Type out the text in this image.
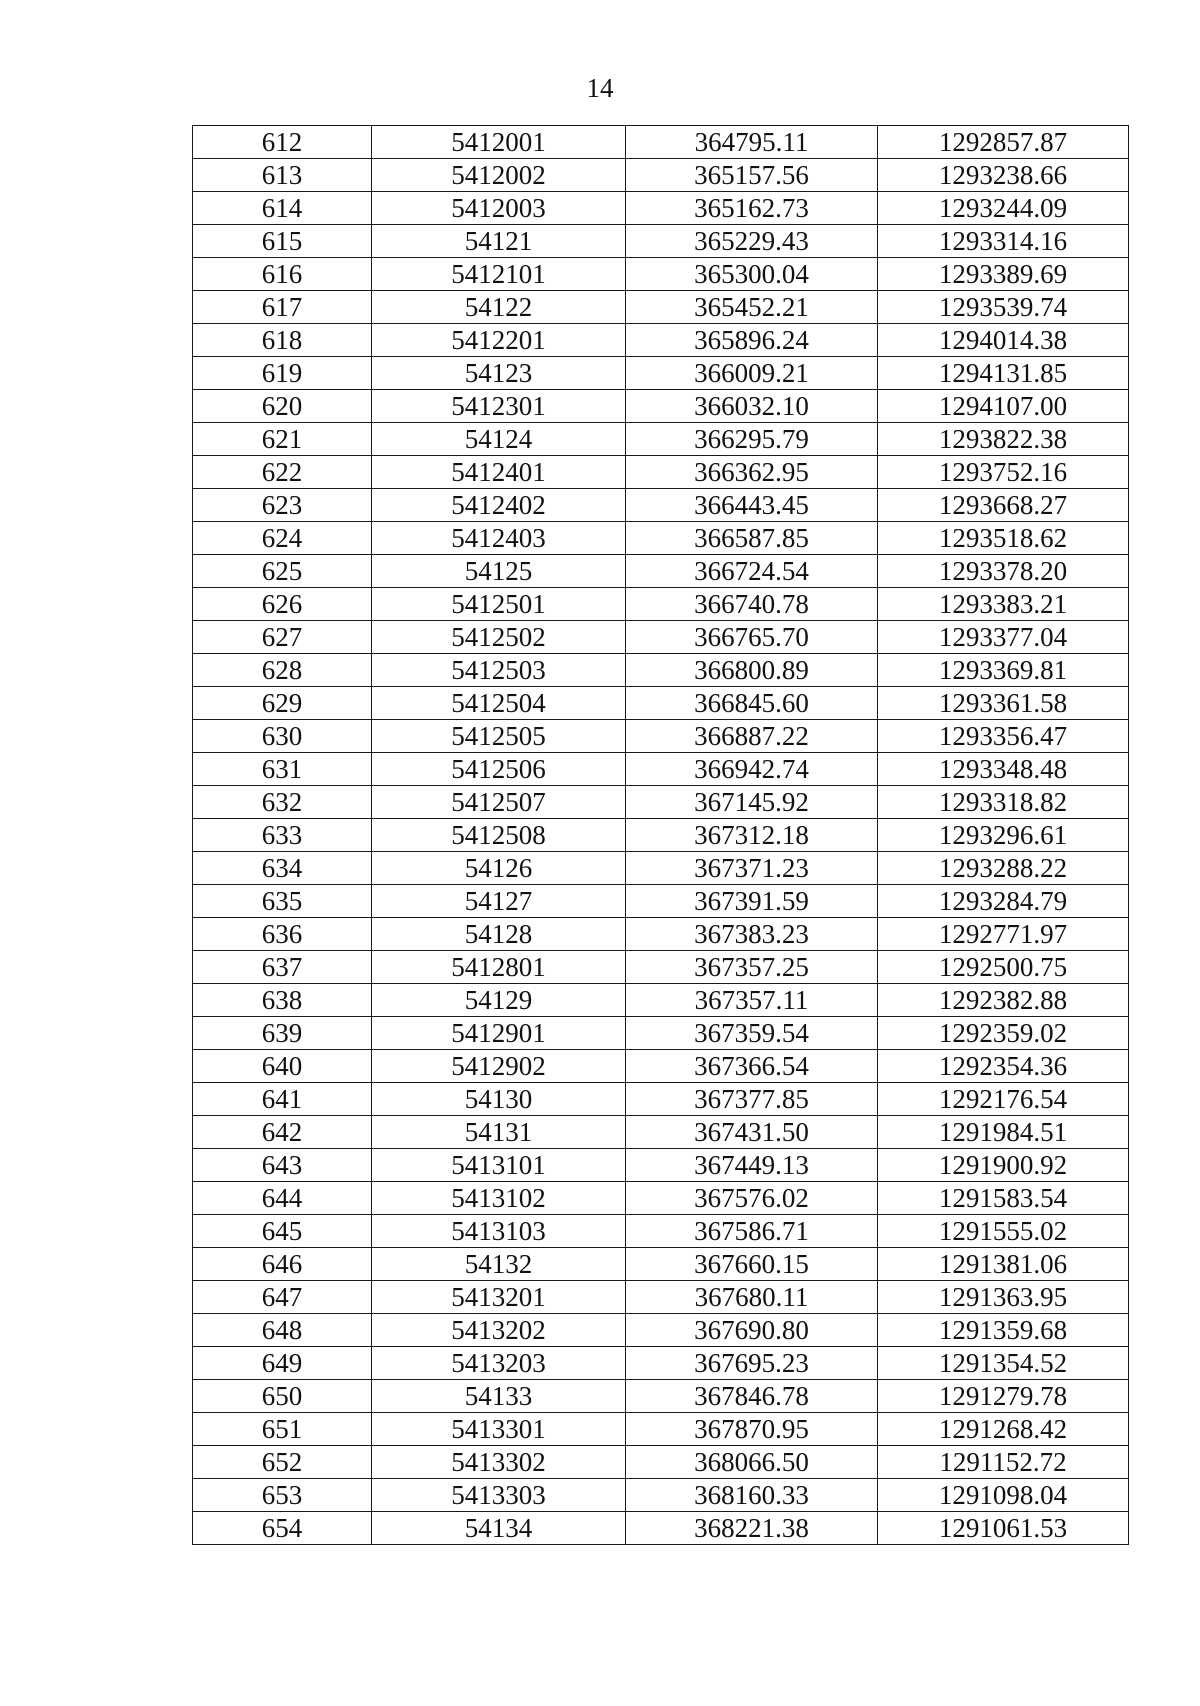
14
612	5412001	364795.11	1292857.87
613	5412002	365157.56	1293238.66
614	5412003	365162.73	1293244.09
615	54121	365229.43	1293314.16
616	5412101	365300.04	1293389.69
617	54122	365452.21	1293539.74
618	5412201	365896.24	1294014.38
619	54123	366009.21	1294131.85
620	5412301	366032.10	1294107.00
621	54124	366295.79	1293822.38
622	5412401	366362.95	1293752.16
623	5412402	366443.45	1293668.27
624	5412403	366587.85	1293518.62
625	54125	366724.54	1293378.20
626	5412501	366740.78	1293383.21
627	5412502	366765.70	1293377.04
628	5412503	366800.89	1293369.81
629	5412504	366845.60	1293361.58
630	5412505	366887.22	1293356.47
631	5412506	366942.74	1293348.48
632	5412507	367145.92	1293318.82
633	5412508	367312.18	1293296.61
634	54126	367371.23	1293288.22
635	54127	367391.59	1293284.79
636	54128	367383.23	1292771.97
637	5412801	367357.25	1292500.75
638	54129	367357.11	1292382.88
639	5412901	367359.54	1292359.02
640	5412902	367366.54	1292354.36
641	54130	367377.85	1292176.54
642	54131	367431.50	1291984.51
643	5413101	367449.13	1291900.92
644	5413102	367576.02	1291583.54
645	5413103	367586.71	1291555.02
646	54132	367660.15	1291381.06
647	5413201	367680.11	1291363.95
648	5413202	367690.80	1291359.68
649	5413203	367695.23	1291354.52
650	54133	367846.78	1291279.78
651	5413301	367870.95	1291268.42
652	5413302	368066.50	1291152.72
653	5413303	368160.33	1291098.04
654	54134	368221.38	1291061.53
